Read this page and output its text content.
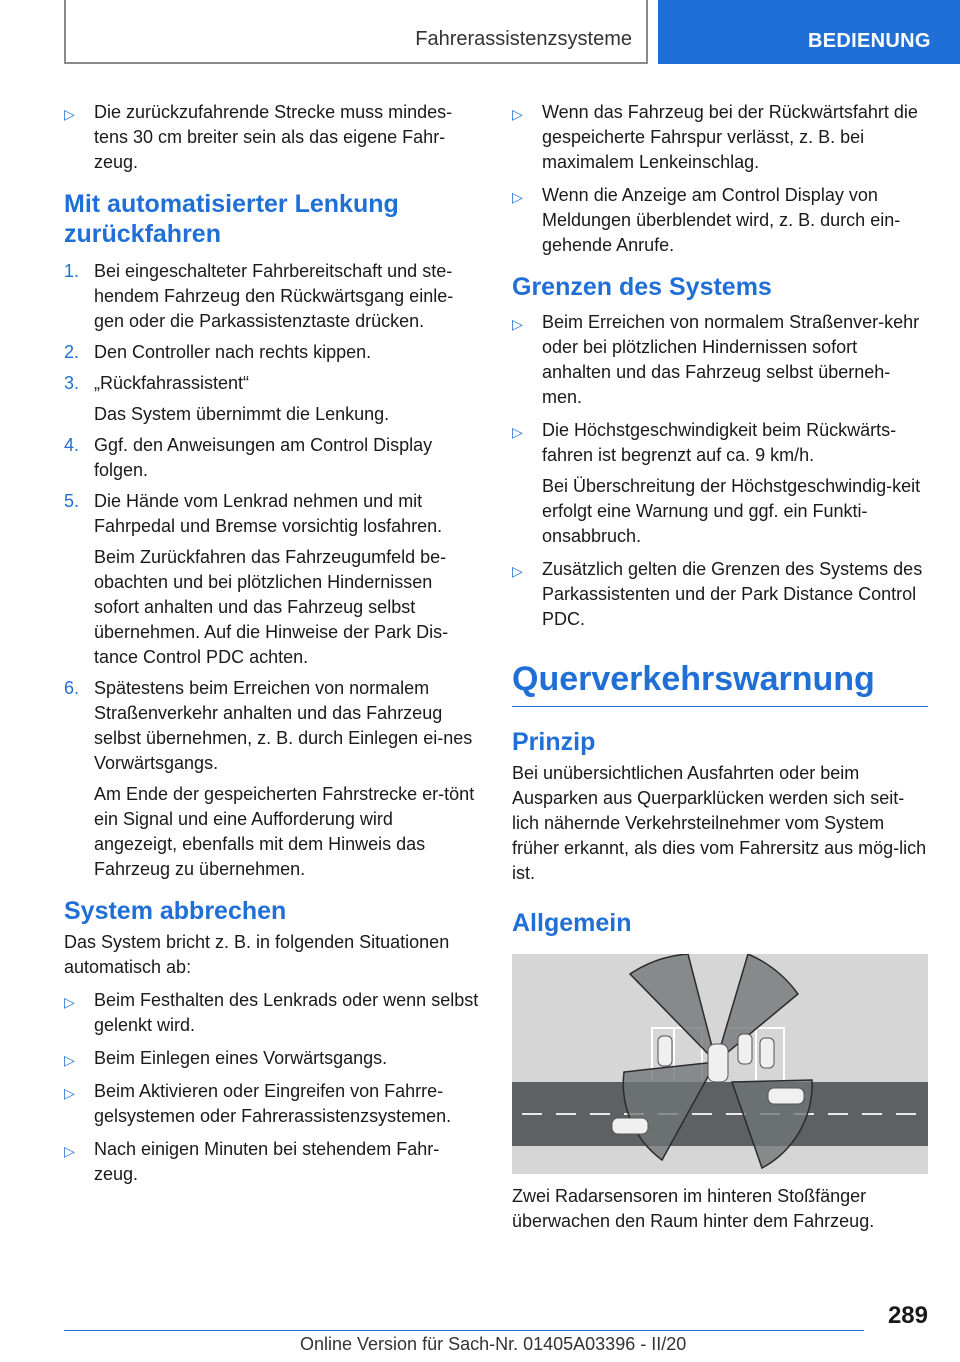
Fahrerassistenzsysteme	BEDIENUNG
▷ Die zurückzufahrende Strecke muss mindes‐tens 30 cm breiter sein als das eigene Fahr‐zeug.
Mit automatisierter Lenkung zurückfahren
1. Bei eingeschalteter Fahrbereitschaft und ste‐hendem Fahrzeug den Rückwärtsgang einle‐gen oder die Parkassistenztaste drücken.
2. Den Controller nach rechts kippen.
3. „Rückfahrassistent“
Das System übernimmt die Lenkung.
4. Ggf. den Anweisungen am Control Display folgen.
5. Die Hände vom Lenkrad nehmen und mit Fahrpedal und Bremse vorsichtig losfahren.
Beim Zurückfahren das Fahrzeugumfeld be‐obachten und bei plötzlichen Hindernissen sofort anhalten und das Fahrzeug selbst übernehmen. Auf die Hinweise der Park Dis‐tance Control PDC achten.
6. Spätestens beim Erreichen von normalem Straßenverkehr anhalten und das Fahrzeug selbst übernehmen, z. B. durch Einlegen ei‐nes Vorwärtsgangs.
Am Ende der gespeicherten Fahrstrecke er‐tönt ein Signal und eine Aufforderung wird angezeigt, ebenfalls mit dem Hinweis das Fahrzeug zu übernehmen.
System abbrechen

Das System bricht z. B. in folgenden Situationen automatisch ab:

▷ Beim Festhalten des Lenkrads oder wenn selbst gelenkt wird.
▷ Beim Einlegen eines Vorwärtsgangs.
▷ Beim Aktivieren oder Eingreifen von Fahrre‐gelsystemen oder Fahrerassistenzsystemen.
▷ Nach einigen Minuten bei stehendem Fahr‐zeug.
▷ Wenn das Fahrzeug bei der Rückwärtsfahrt die gespeicherte Fahrspur verlässt, z. B. bei maximalem Lenkeinschlag.
▷ Wenn die Anzeige am Control Display von Meldungen überblendet wird, z. B. durch ein‐gehende Anrufe.
Grenzen des Systems
▷ Beim Erreichen von normalem Straßenver‐kehr oder bei plötzlichen Hindernissen sofort anhalten und das Fahrzeug selbst überneh‐men.
▷ Die Höchstgeschwindigkeit beim Rückwärts‐fahren ist begrenzt auf ca. 9 km/h.
Bei Überschreitung der Höchstgeschwindig‐keit erfolgt eine Warnung und ggf. ein Funkti‐onsabbruch.
▷ Zusätzlich gelten die Grenzen des Systems des Parkassistenten und der Park Distance Control PDC.
Querverkehrswarnung
Prinzip

Bei unübersichtlichen Ausfahrten oder beim Ausparken aus Querparklücken werden sich seit‐lich nähernde Verkehrsteilnehmer vom System früher erkannt, als dies vom Fahrersitz aus mög‐lich ist.

Allgemein

Zwei Radarsensoren im hinteren Stoßfänger überwachen den Raum hinter dem Fahrzeug.

289
Online Version für Sach-Nr. 01405A03396 - II/20
